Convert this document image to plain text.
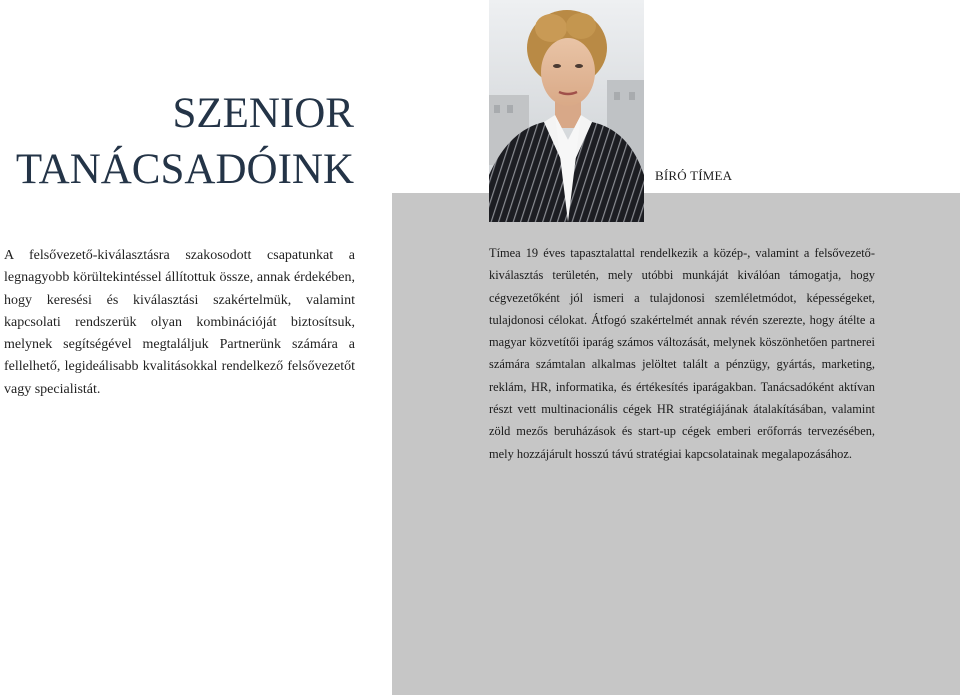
SZENIOR
TANÁCSADÓINK

A felsővezető-kiválasztásra szakosodott csapatunkat a legnagyobb körültekintéssel állítottuk össze, annak érdekében, hogy keresési és kiválasztási szakértelmük, valamint kapcsolati rendszerük olyan kombinációját biztosítsuk, melynek segítségével megtaláljuk Partnerünk számára a fellelhető, legideálisabb kvalitásokkal rendelkező felsővezetőt vagy specialistát.

BÍRÓ TÍMEA

Tímea 19 éves tapasztalattal rendelkezik a közép-, valamint a felsővezető-kiválasztás területén, mely utóbbi munkáját kiválóan támogatja, hogy cégvezetőként jól ismeri a tulajdonosi szemléletmódot, képességeket, tulajdonosi célokat. Átfogó szakértelmét annak révén szerezte, hogy átélte a magyar közvetítői iparág számos változását, melynek köszönhetően partnerei számára számtalan alkalmas jelöltet talált a pénzügy, gyártás, marketing, reklám, HR, informatika, és értékesítés iparágakban. Tanácsadóként aktívan részt vett multinacionális cégek HR stratégiájának átalakításában, valamint zöld mezős beruházások és start-up cégek emberi erőforrás tervezésében, mely hozzájárult hosszú távú stratégiai kapcsolatainak megalapozásához.
